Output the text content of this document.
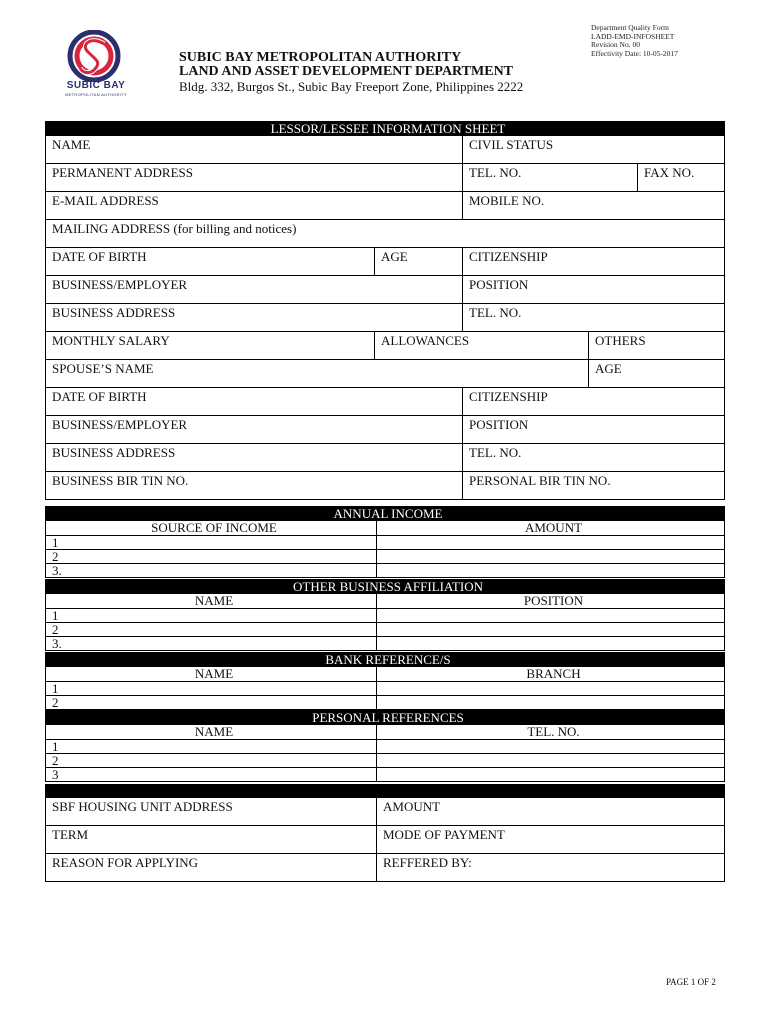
Department Quality Form
LADD-EMD-INFOSHEET
Revision No. 00
Effectivity Date: 10-05-2017
SUBIC BAY
METROPOLITAN AUTHORITY
SUBIC BAY METROPOLITAN AUTHORITY
LAND AND ASSET DEVELOPMENT DEPARTMENT
Bldg. 332, Burgos St., Subic Bay Freeport Zone, Philippines 2222
LESSOR/LESSEE INFORMATION SHEET				
NAME		CIVIL STATUS		
PERMANENT ADDRESS		TEL. NO.		FAX NO.
E-MAIL ADDRESS		MOBILE NO.		
MAILING ADDRESS (for billing and notices)				
DATE OF BIRTH	AGE	CITIZENSHIP		
BUSINESS/EMPLOYER		POSITION		
BUSINESS ADDRESS		TEL. NO.		
MONTHLY SALARY	ALLOWANCES		OTHERS	
SPOUSE’S NAME			AGE	
DATE OF BIRTH		CITIZENSHIP		
BUSINESS/EMPLOYER		POSITION		
BUSINESS ADDRESS		TEL. NO.		
BUSINESS BIR TIN NO.		PERSONAL BIR TIN NO.		
ANNUAL INCOME	
SOURCE OF INCOME	AMOUNT
1	
2	
3.	
OTHER BUSINESS AFFILIATION	
NAME	POSITION
1	
2	
3.	
BANK REFERENCE/S	
NAME	BRANCH
1	
2	
PERSONAL REFERENCES	
NAME	TEL. NO.
1	
2	
3	

SBF HOUSING UNIT ADDRESS	AMOUNT
TERM	MODE OF PAYMENT
REASON FOR APPLYING	REFFERED BY:
PAGE 1 OF 2
